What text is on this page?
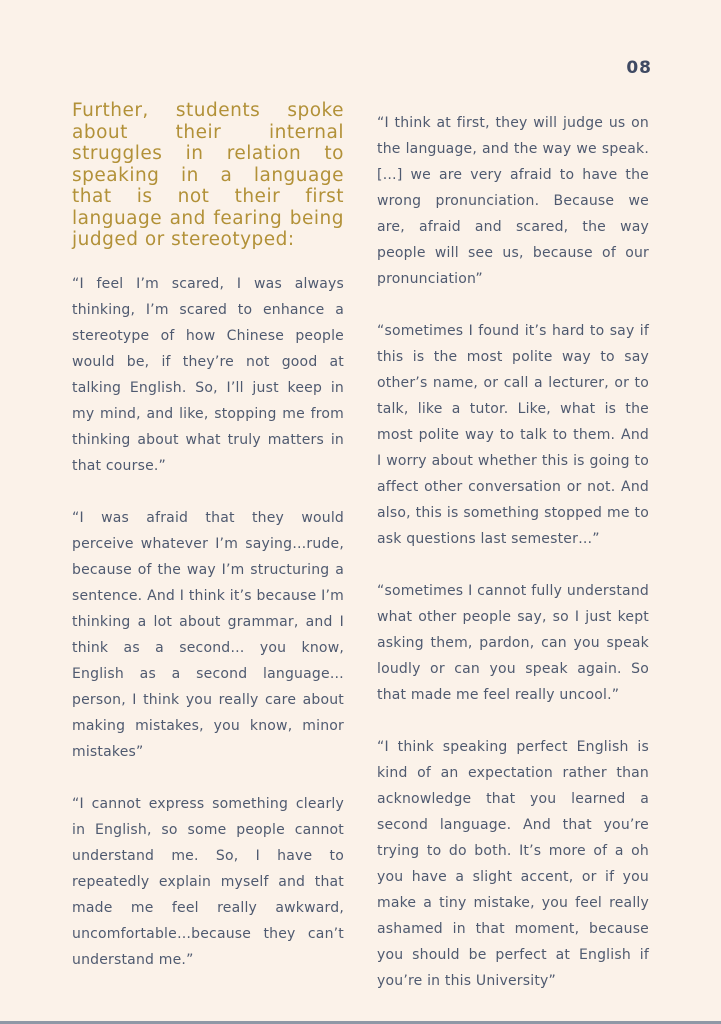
08
Further, students spoke about their internal struggles in relation to speaking in a language that is not their first language and fearing being judged or stereotyped:

“I feel I’m scared, I was always thinking, I’m scared to enhance a stereotype of how Chinese people would be, if they’re not good at talking English. So, I’ll just keep in my mind, and like, stopping me from thinking about what truly matters in that course.”

“I was afraid that they would perceive whatever I’m saying…rude, because of the way I’m structuring a sentence. And I think it’s because I’m thinking a lot about grammar, and I think as a second… you know, English as a second language… person, I think you really care about making mistakes, you know, minor mistakes”

“I cannot express something clearly in English, so some people cannot understand me. So, I have to repeatedly explain myself and that made me feel really awkward, uncomfortable…because they can’t understand me.”

“I think at first, they will judge us on the language, and the way we speak. […] we are very afraid to have the wrong pronunciation. Because we are, afraid and scared, the way people will see us, because of our pronunciation”

“sometimes I found it’s hard to say if this is the most polite way to say other’s name, or call a lecturer, or to talk, like a tutor. Like, what is the most polite way to talk to them. And I worry about whether this is going to affect other conversation or not. And also, this is something stopped me to ask questions last semester…”

“sometimes I cannot fully understand what other people say, so I just kept asking them, pardon, can you speak loudly or can you speak again. So that made me feel really uncool.”

“I think speaking perfect English is kind of an expectation rather than acknowledge that you learned a second language. And that you’re trying to do both. It’s more of a oh you have a slight accent, or if you make a tiny mistake, you feel really ashamed in that moment, because you should be perfect at English if you’re in this University”
